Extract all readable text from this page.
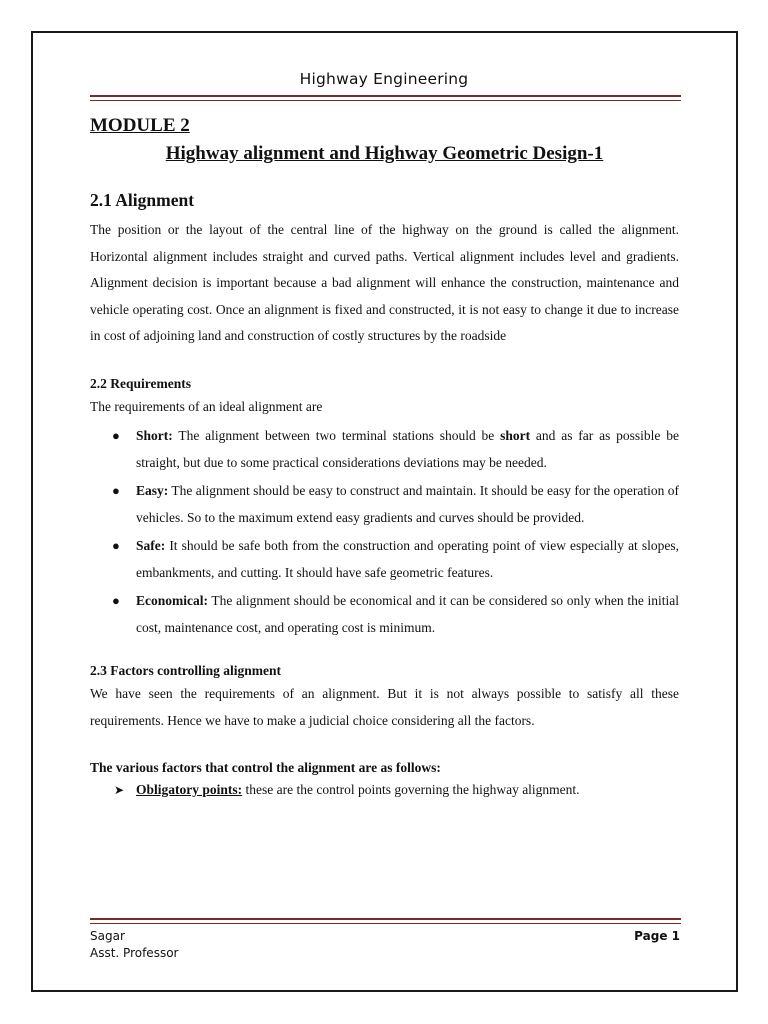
Highway Engineering

MODULE 2

Highway alignment and Highway Geometric Design-1

2.1 Alignment

The position or the layout of the central line of the highway on the ground is called the alignment. Horizontal alignment includes straight and curved paths. Vertical alignment includes level and gradients. Alignment decision is important because a bad alignment will enhance the construction, maintenance and vehicle operating cost. Once an alignment is fixed and constructed, it is not easy to change it due to increase in cost of adjoining land and construction of costly structures by the roadside

2.2 Requirements

The requirements of an ideal alignment are

● Short: The alignment between two terminal stations should be short and as far as possible be straight, but due to some practical considerations deviations may be needed.
● Easy: The alignment should be easy to construct and maintain. It should be easy for the operation of vehicles. So to the maximum extend easy gradients and curves should be provided.
● Safe: It should be safe both from the construction and operating point of view especially at slopes, embankments, and cutting. It should have safe geometric features.
● Economical: The alignment should be economical and it can be considered so only when the initial cost, maintenance cost, and operating cost is minimum.

2.3 Factors controlling alignment

We have seen the requirements of an alignment. But it is not always possible to satisfy all these requirements. Hence we have to make a judicial choice considering all the factors.

The various factors that control the alignment are as follows:

➤ Obligatory points: these are the control points governing the highway alignment.
Sagar
Asst. Professor
Page 1
